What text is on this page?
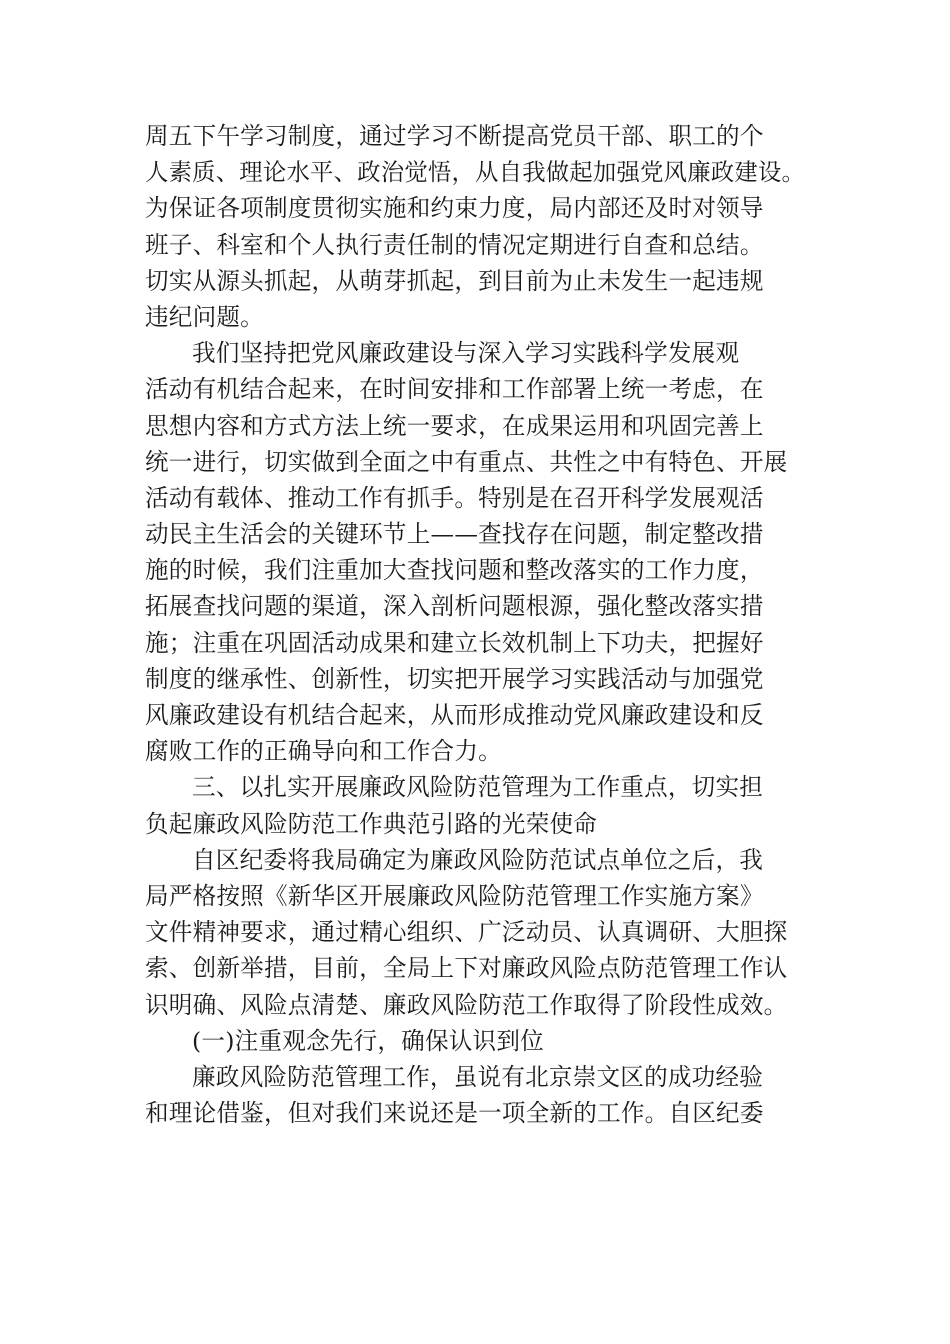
周五下午学习制度，通过学习不断提高党员干部、职工的个
人素质、理论水平、政治觉悟，从自我做起加强党风廉政建设。
为保证各项制度贯彻实施和约束力度，局内部还及时对领导
班子、科室和个人执行责任制的情况定期进行自查和总结。
切实从源头抓起，从萌芽抓起，到目前为止未发生一起违规
违纪问题。
我们坚持把党风廉政建设与深入学习实践科学发展观
活动有机结合起来，在时间安排和工作部署上统一考虑，在
思想内容和方式方法上统一要求，在成果运用和巩固完善上
统一进行，切实做到全面之中有重点、共性之中有特色、开展
活动有载体、推动工作有抓手。特别是在召开科学发展观活
动民主生活会的关键环节上——查找存在问题，制定整改措
施的时候，我们注重加大查找问题和整改落实的工作力度，
拓展查找问题的渠道，深入剖析问题根源，强化整改落实措
施；注重在巩固活动成果和建立长效机制上下功夫，把握好
制度的继承性、创新性，切实把开展学习实践活动与加强党
风廉政建设有机结合起来，从而形成推动党风廉政建设和反
腐败工作的正确导向和工作合力。
三、以扎实开展廉政风险防范管理为工作重点，切实担
负起廉政风险防范工作典范引路的光荣使命
自区纪委将我局确定为廉政风险防范试点单位之后，我
局严格按照《新华区开展廉政风险防范管理工作实施方案》
文件精神要求，通过精心组织、广泛动员、认真调研、大胆探
索、创新举措，目前，全局上下对廉政风险点防范管理工作认
识明确、风险点清楚、廉政风险防范工作取得了阶段性成效。
(一)注重观念先行，确保认识到位
廉政风险防范管理工作，虽说有北京崇文区的成功经验
和理论借鉴，但对我们来说还是一项全新的工作。自区纪委
